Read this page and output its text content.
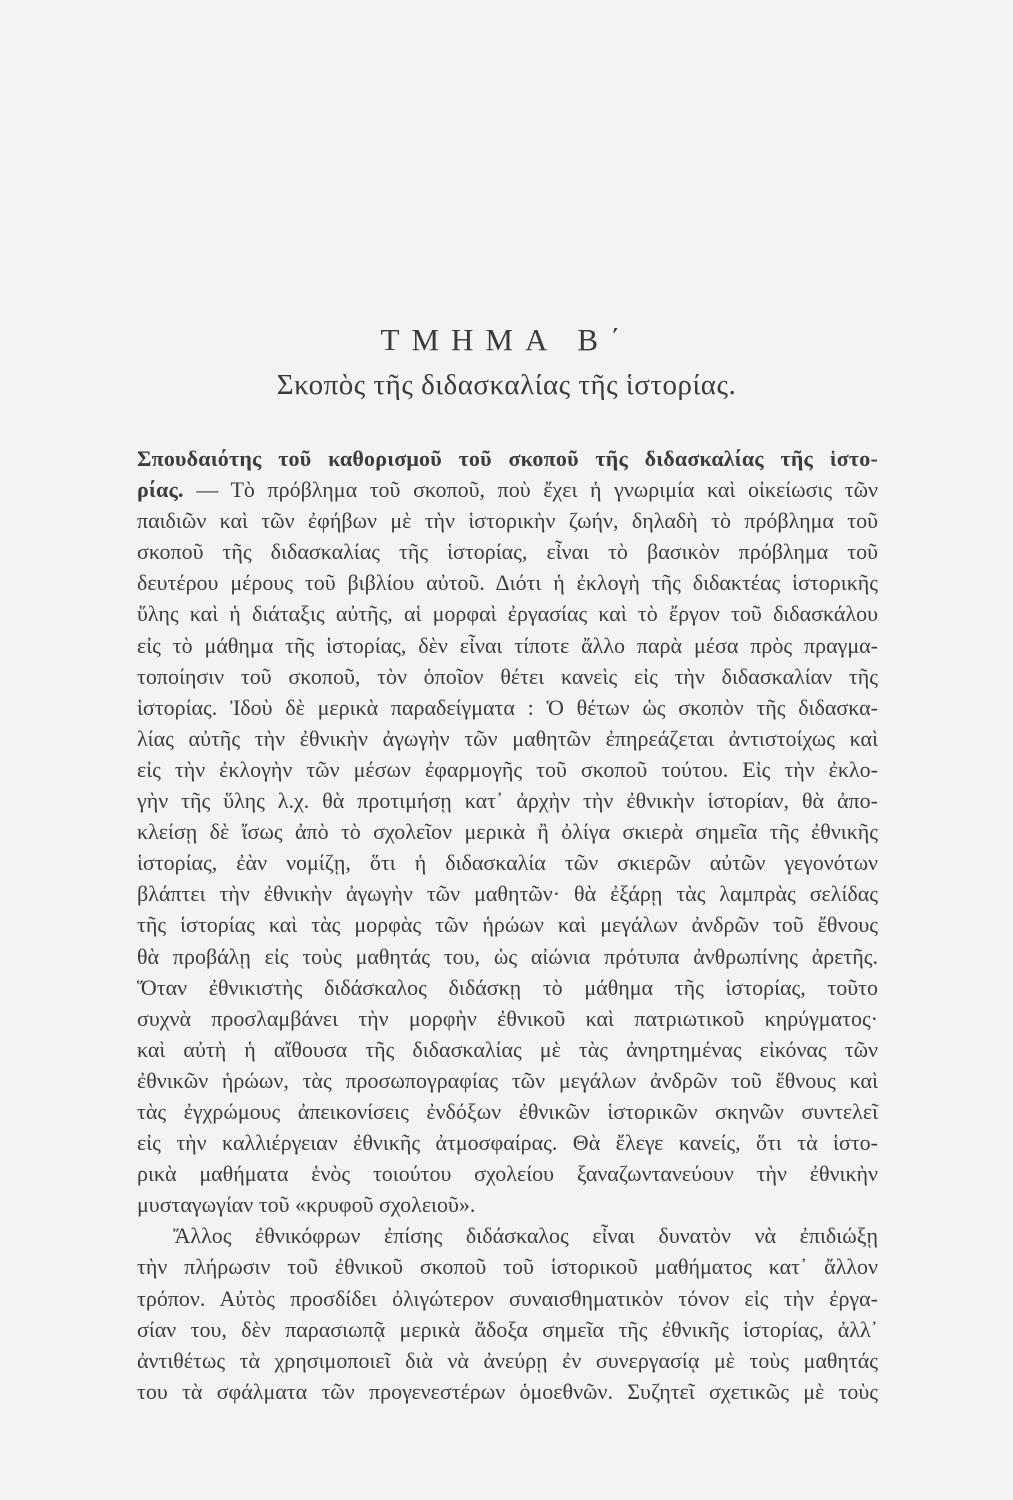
ΤΜΗΜΑ Β΄
Σκοπὸς τῆς διδασκαλίας τῆς ἱστορίας.
Σπουδαιότης τοῦ καθορισμοῦ τοῦ σκοποῦ τῆς διδασκαλίας τῆς ἱστο-
ρίας. — Τὸ πρόβλημα τοῦ σκοποῦ, ποὺ ἔχει ἡ γνωριμία καὶ οἰκείωσις τῶν
παιδιῶν καὶ τῶν ἐφήβων μὲ τὴν ἱστορικὴν ζωήν, δηλαδὴ τὸ πρόβλημα τοῦ
σκοποῦ τῆς διδασκαλίας τῆς ἱστορίας, εἶναι τὸ βασικὸν πρόβλημα τοῦ
δευτέρου μέρους τοῦ βιβλίου αὐτοῦ. Διότι ἡ ἐκλογὴ τῆς διδακτέας ἱστορικῆς
ὕλης καὶ ἡ διάταξις αὐτῆς, αἱ μορφαὶ ἐργασίας καὶ τὸ ἔργον τοῦ διδασκάλου
εἰς τὸ μάθημα τῆς ἱστορίας, δὲν εἶναι τίποτε ἄλλο παρὰ μέσα πρὸς πραγμα-
τοποίησιν τοῦ σκοποῦ, τὸν ὁποῖον θέτει κανεὶς εἰς τὴν διδασκαλίαν τῆς
ἱστορίας. Ἰδοὺ δὲ μερικὰ παραδείγματα : Ὁ θέτων ὡς σκοπὸν τῆς διδασκα-
λίας αὐτῆς τὴν ἐθνικὴν ἀγωγὴν τῶν μαθητῶν ἐπηρεάζεται ἀντιστοίχως καὶ
εἰς τὴν ἐκλογὴν τῶν μέσων ἐφαρμογῆς τοῦ σκοποῦ τούτου. Εἰς τὴν ἐκλο-
γὴν τῆς ὕλης λ.χ. θὰ προτιμήσῃ κατ᾿ ἀρχὴν τὴν ἐθνικὴν ἱστορίαν, θὰ ἀπο-
κλείσῃ δὲ ἴσως ἀπὸ τὸ σχολεῖον μερικὰ ἢ ὀλίγα σκιερὰ σημεῖα τῆς ἐθνικῆς
ἱστορίας, ἐὰν νομίζῃ, ὅτι ἡ διδασκαλία τῶν σκιερῶν αὐτῶν γεγονότων
βλάπτει τὴν ἐθνικὴν ἀγωγὴν τῶν μαθητῶν· θὰ ἐξάρῃ τὰς λαμπρὰς σελίδας
τῆς ἱστορίας καὶ τὰς μορφὰς τῶν ἡρώων καὶ μεγάλων ἀνδρῶν τοῦ ἔθνους
θὰ προβάλῃ εἰς τοὺς μαθητάς του, ὡς αἰώνια πρότυπα ἀνθρωπίνης ἀρετῆς.
Ὅταν ἐθνικιστὴς διδάσκαλος διδάσκῃ τὸ μάθημα τῆς ἱστορίας, τοῦτο
συχνὰ προσλαμβάνει τὴν μορφὴν ἐθνικοῦ καὶ πατριωτικοῦ κηρύγματος·
καὶ αὐτὴ ἡ αἴθουσα τῆς διδασκαλίας μὲ τὰς ἀνηρτημένας εἰκόνας τῶν
ἐθνικῶν ἡρώων, τὰς προσωπογραφίας τῶν μεγάλων ἀνδρῶν τοῦ ἔθνους καὶ
τὰς ἐγχρώμους ἀπεικονίσεις ἐνδόξων ἐθνικῶν ἱστορικῶν σκηνῶν συντελεῖ
εἰς τὴν καλλιέργειαν ἐθνικῆς ἀτμοσφαίρας. Θὰ ἔλεγε κανείς, ὅτι τὰ ἱστο-
ρικὰ μαθήματα ἑνὸς τοιούτου σχολείου ξαναζωντανεύουν τὴν ἐθνικὴν
μυσταγωγίαν τοῦ «κρυφοῦ σχολειοῦ».
Ἄλλος ἐθνικόφρων ἐπίσης διδάσκαλος εἶναι δυνατὸν νὰ ἐπιδιώξῃ
τὴν πλήρωσιν τοῦ ἐθνικοῦ σκοποῦ τοῦ ἱστορικοῦ μαθήματος κατ᾿ ἄλλον
τρόπον. Αὐτὸς προσδίδει ὀλιγώτερον συναισθηματικὸν τόνον εἰς τὴν ἐργα-
σίαν του, δὲν παρασιωπᾷ μερικὰ ἄδοξα σημεῖα τῆς ἐθνικῆς ἱστορίας, ἀλλ᾿
ἀντιθέτως τὰ χρησιμοποιεῖ διὰ νὰ ἀνεύρῃ ἐν συνεργασίᾳ μὲ τοὺς μαθητάς
του τὰ σφάλματα τῶν προγενεστέρων ὁμοεθνῶν. Συζητεῖ σχετικῶς μὲ τοὺς
